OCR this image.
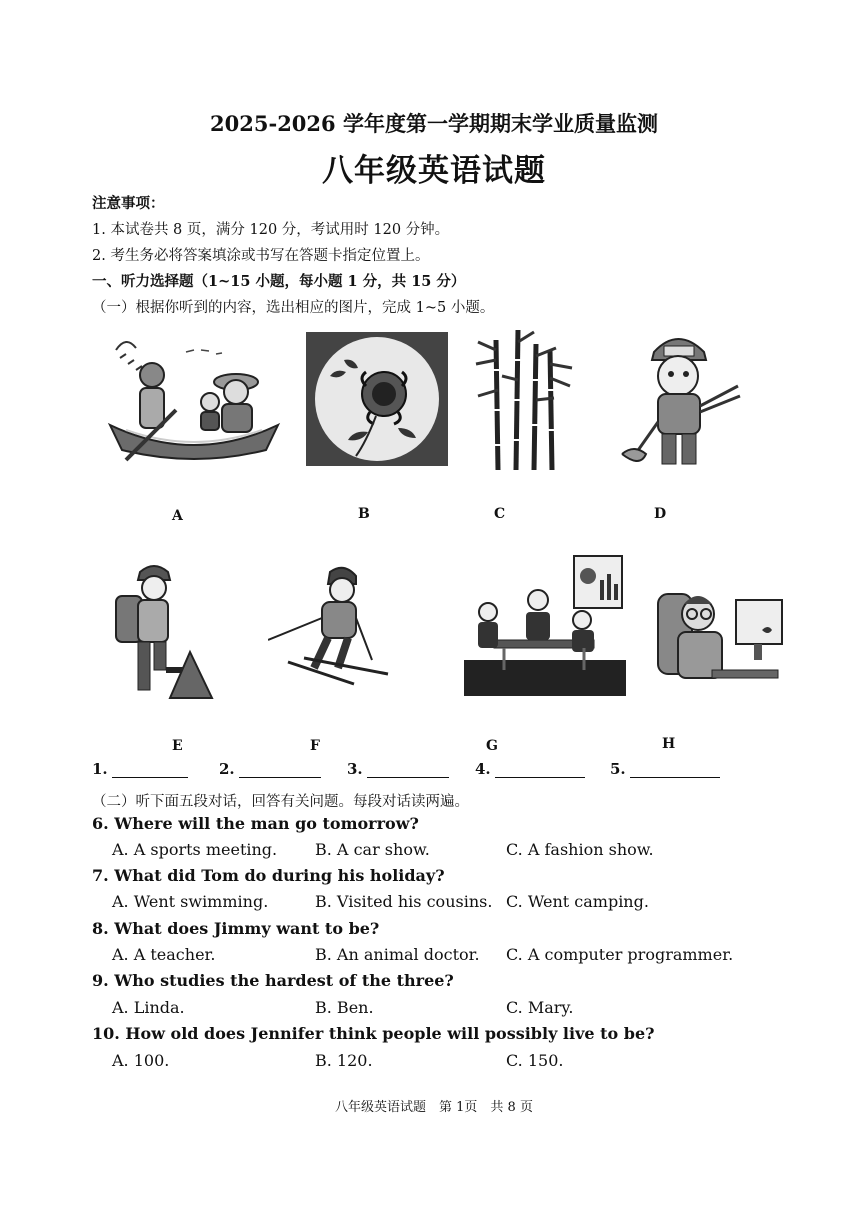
2025-2026 学年度第一学期期末学业质量监测
八年级英语试题
注意事项：
1. 本试卷共 8 页，满分 120 分，考试用时 120 分钟。
2. 考生务必将答案填涂或书写在答题卡指定位置上。
一、听力选择题（1~15 小题，每小题 1 分，共 15 分）
（一）根据你听到的内容，选出相应的图片，完成 1~5 小题。
A	B	C	D
E	F	G	H
1.	2.	3.	4.	5.
（二）听下面五段对话，回答有关问题。每段对话读两遍。
6. Where will the man go tomorrow?
A. A sports meeting. B. A car show.	C. A fashion show.
7. What did Tom do during his holiday?
A. Went swimming.	B. Visited his cousins. C. Went camping.
8. What does Jimmy want to be?
A. A teacher.	B. An animal doctor. C. A computer programmer.
9. Who studies the hardest of the three?
A. Linda.	B. Ben.	C. Mary.
10. How old does Jennifer think people will possibly live to be?
A. 100.	B. 120.	C. 150.
八年级英语试题　第 1页　共 8 页
